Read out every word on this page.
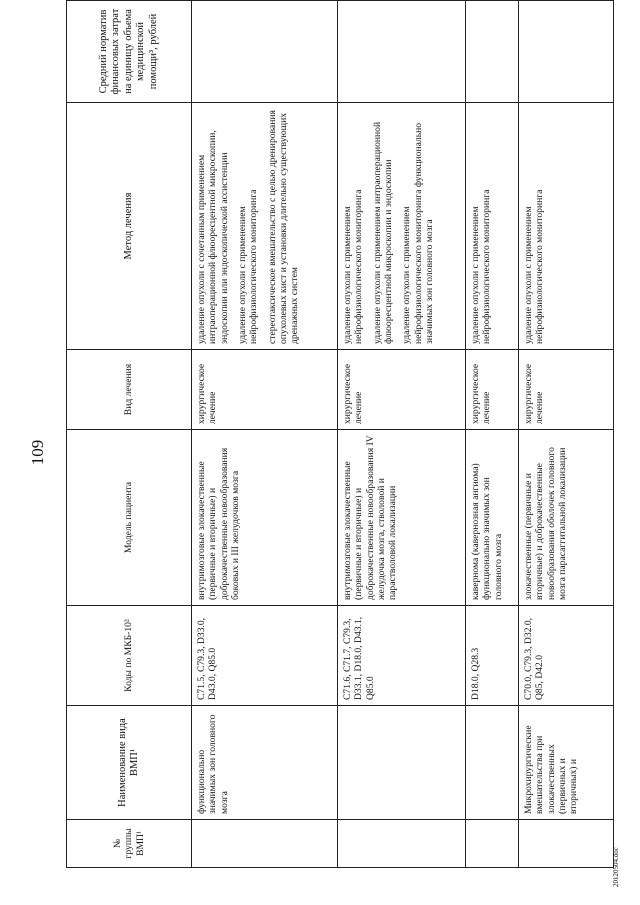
109
№ группы ВМП¹	Наименование вида ВМП¹	Коды по МКБ-10²	Модель пациента	Вид лечения	Метод лечения	Средний норматив финансовых затрат на единицу объема медицинской помощи³, рублей
	функционально значимых зон головного мозга	C71.5, C79.3, D33.0, D43.0, Q85.0	внутримозговые злокачественные (первичные и вторичные) и доброкачественные новообразования боковых и III желудочков мозга	хирургическое лечение	удаление опухоли с сочетанным применением интраоперационной флюоресцентной микроскопии, эндоскопии или эндоскопической ассистенции удаление опухоли с применением нейрофизиологического мониторинга стереотаксическое вмешательство с целью дренирования опухолевых кист и установки длительно существующих дренажных систем	

		C71.6, C71.7, C79.3, D33.1, D18.0, D43.1, Q85.0	внутримозговые злокачественные (первичные и вторичные) и доброкачественные новообразования IV желудочка мозга, стволовой и парастволовой локализации	хирургическое лечение	удаление опухоли с применением нейрофизиологического мониторинга удаление опухоли с применением интраоперационной флюоресцентной микроскопии и эндоскопии удаление опухоли с применением нейрофизиологического мониторинга функционально значимых зон головного мозга	

		D18.0, Q28.3	кавернома (кавернозная ангиома) функционально значимых зон головного мозга	хирургическое лечение	удаление опухоли с применением нейрофизиологического мониторинга	

	Микрохирургические вмешательства при злокачественных (первичных и вторичных) и	C70.0, C79.3, D32.0, Q85, D42.0	злокачественные (первичные и вторичные) и доброкачественные новообразования оболочек головного мозга парасаггитальной локализации	хирургическое лечение	удаление опухоли с применением нейрофизиологического мониторинга	

20120504.doc
